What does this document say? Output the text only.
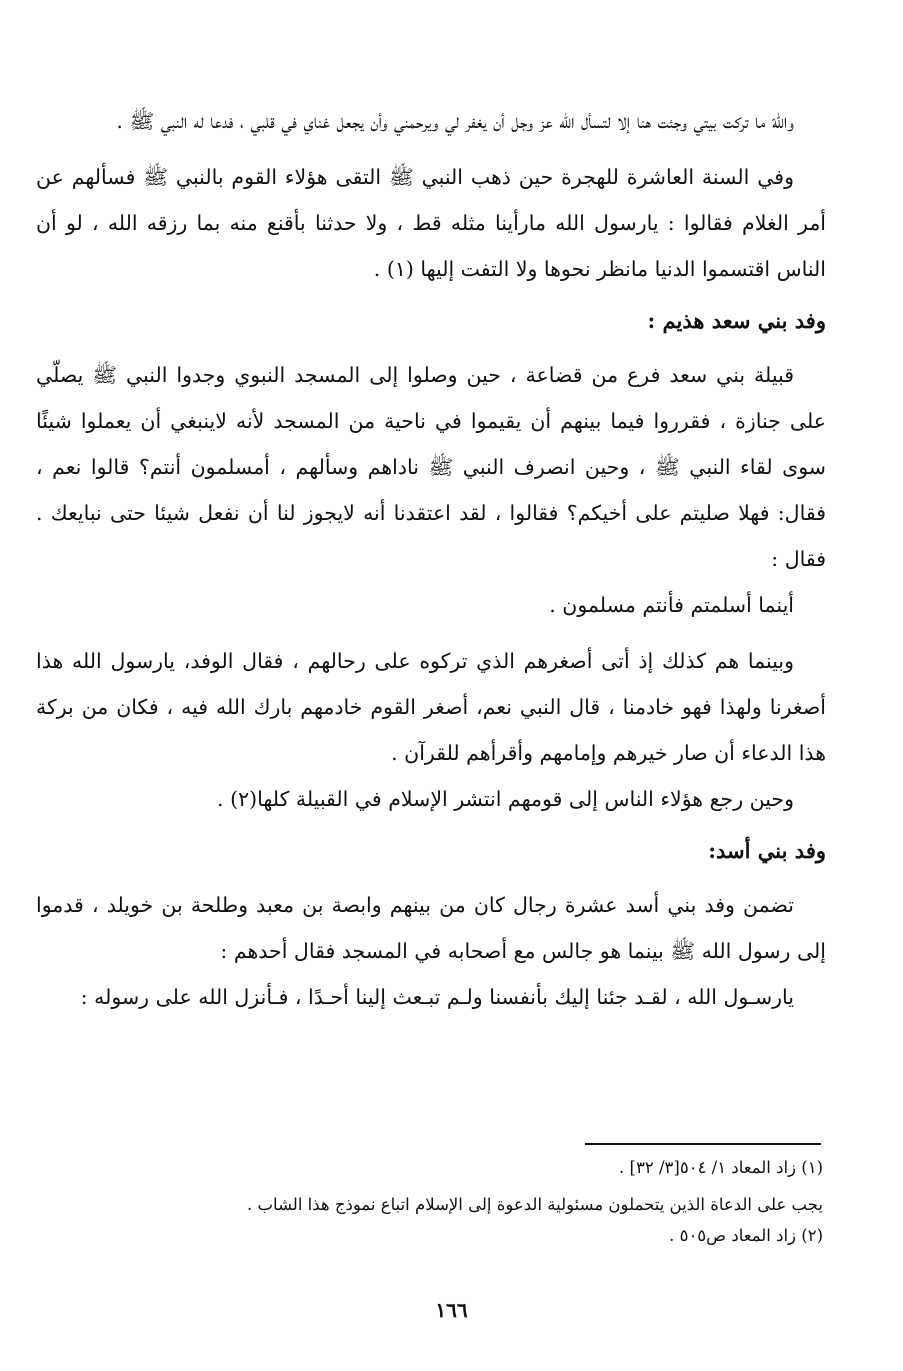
واللهّ ما تركت بيتي وجئت هنا إلا لتسأل الله عز وجل أن يغفر لي ويرحمني وأن يجعل غناي في قلبي ، فدعا له النبي ﷺ .

وفي السنة العاشرة للهجرة حين ذهب النبي ﷺ التقى هؤلاء القوم بالنبي ﷺ فسألهم عن أمر الغلام فقالوا : يارسول الله مارأينا مثله قط ، ولا حدثنا بأقنع منه بما رزقه الله ، لو أن الناس اقتسموا الدنيا مانظر نحوها ولا التفت إليها (١) .

وفد بني سعد هذيم :

قبيلة بني سعد فرع من قضاعة ، حين وصلوا إلى المسجد النبوي وجدوا النبي ﷺ يصلّي على جنازة ، فقرروا فيما بينهم أن يقيموا في ناحية من المسجد لأنه لاينبغي أن يعملوا شيئًا سوى لقاء النبي ﷺ ، وحين انصرف النبي ﷺ ناداهم وسألهم ، أمسلمون أنتم؟ قالوا نعم ، فقال: فهلا صليتم على أخيكم؟ فقالوا ، لقد اعتقدنا أنه لايجوز لنا أن نفعل شيئا حتى نبايعك . فقال :

أينما أسلمتم فأنتم مسلمون .

وبينما هم كذلك إذ أتى أصغرهم الذي تركوه على رحالهم ، فقال الوفد، يارسول الله هذا أصغرنا ولهذا فهو خادمنا ، قال النبي نعم، أصغر القوم خادمهم بارك الله فيه ، فكان من بركة هذا الدعاء أن صار خيرهم وإمامهم وأقرأهم للقرآن .

وحين رجع هؤلاء الناس إلى قومهم انتشر الإسلام في القبيلة كلها(٢) .

وفد بني أسد:

تضمن وفد بني أسد عشرة رجال كان من بينهم وابصة بن معبد وطلحة بن خويلد ، قدموا إلى رسول الله ﷺ بينما هو جالس مع أصحابه في المسجد فقال أحدهم :

يارسـول الله ، لقـد جئنا إليك بأنفسنا ولـم تبـعث إلينا أحـدًا ، فـأنزل الله على رسوله :

(١) زاد المعاد ١/ ٥٠٤[٣/ ٣٢] .

يجب على الدعاة الذين يتحملون مسئولية الدعوة إلى الإسلام اتباع نموذج هذا الشاب .

(٢) زاد المعاد ص٥٠٥ .

١٦٦
